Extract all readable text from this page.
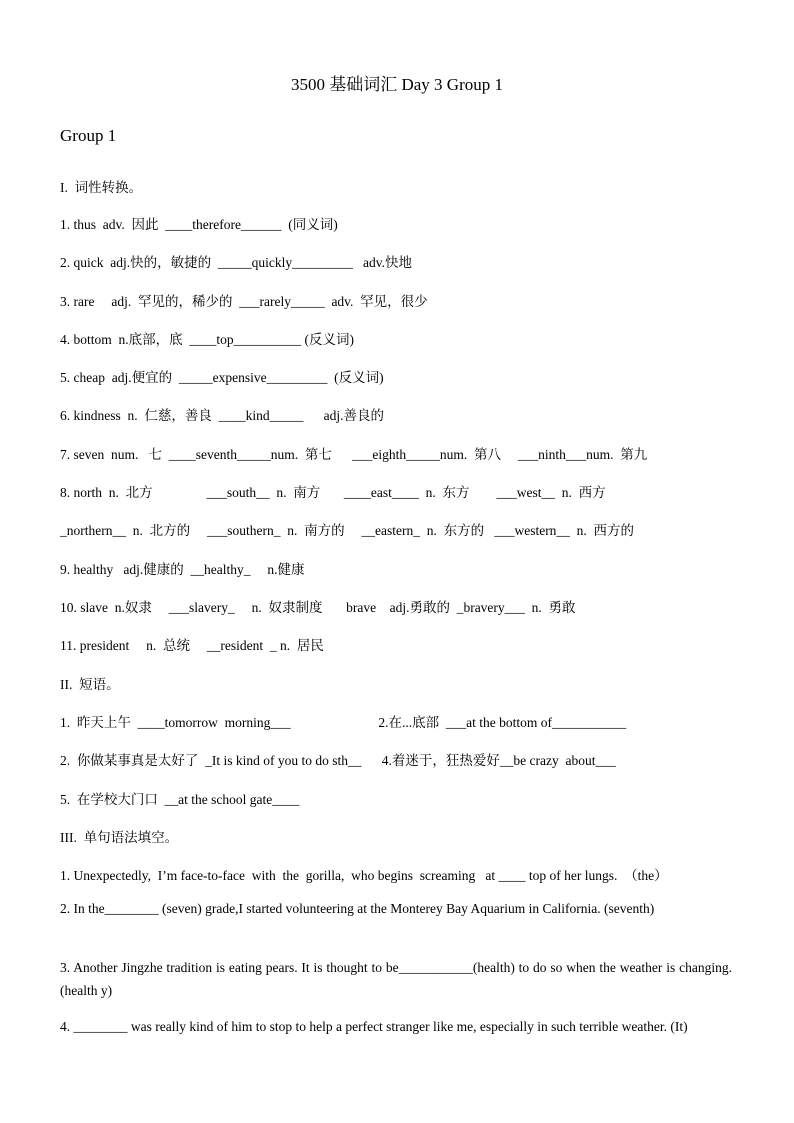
3500 基础词汇 Day 3 Group 1
Group 1
I.  词性转换。
1. thus  adv.  因此  ____therefore______  (同义词)
2. quick  adj.快的，敏捷的  _____quickly_________   adv.快地
3. rare     adj.  罕见的，稀少的  ___rarely_____  adv.  罕见，很少
4. bottom  n.底部，底  ____top__________ (反义词)
5. cheap  adj.便宜的  _____expensive_________  (反义词)
6. kindness  n.  仁慈，善良  ____kind_____      adj.善良的
7. seven  num.   七  ____seventh_____num.  第七      ___eighth_____num.  第八     ___ninth___num.  第九
8. north  n.  北方                ___south__  n.  南方       ____east____  n.  东方        ___west__  n.  西方
_northern__  n.  北方的     ___southern_  n.  南方的     __eastern_  n.  东方的   ___western__  n.  西方的
9. healthy   adj.健康的  __healthy_     n.健康
10. slave  n.奴隶     ___slavery_     n.  奴隶制度       brave    adj.勇敢的  _bravery___  n.  勇敢
11. president     n.  总统     __resident  _ n.  居民
II.  短语。
1.  昨天上午  ____tomorrow  morning___                          2.在...底部  ___at the bottom of___________
2.  你做某事真是太好了  _It is kind of you to do sth__      4.着迷于，狂热爱好__be crazy  about___
5.  在学校大门口  __at the school gate____
III.  单句语法填空。
1. Unexpectedly,  I’m face-to-face  with  the  gorilla,  who begins  screaming   at ____ top of her lungs.  （the）
2. In the________ (seven) grade,I started volunteering at the Monterey Bay Aquarium in California. (seventh)
3. Another Jingzhe tradition is eating pears. It is thought to be___________(health) to do so when the weather is changing. (health y)
4. ________ was really kind of him to stop to help a perfect stranger like me, especially in such terrible weather. (It)
